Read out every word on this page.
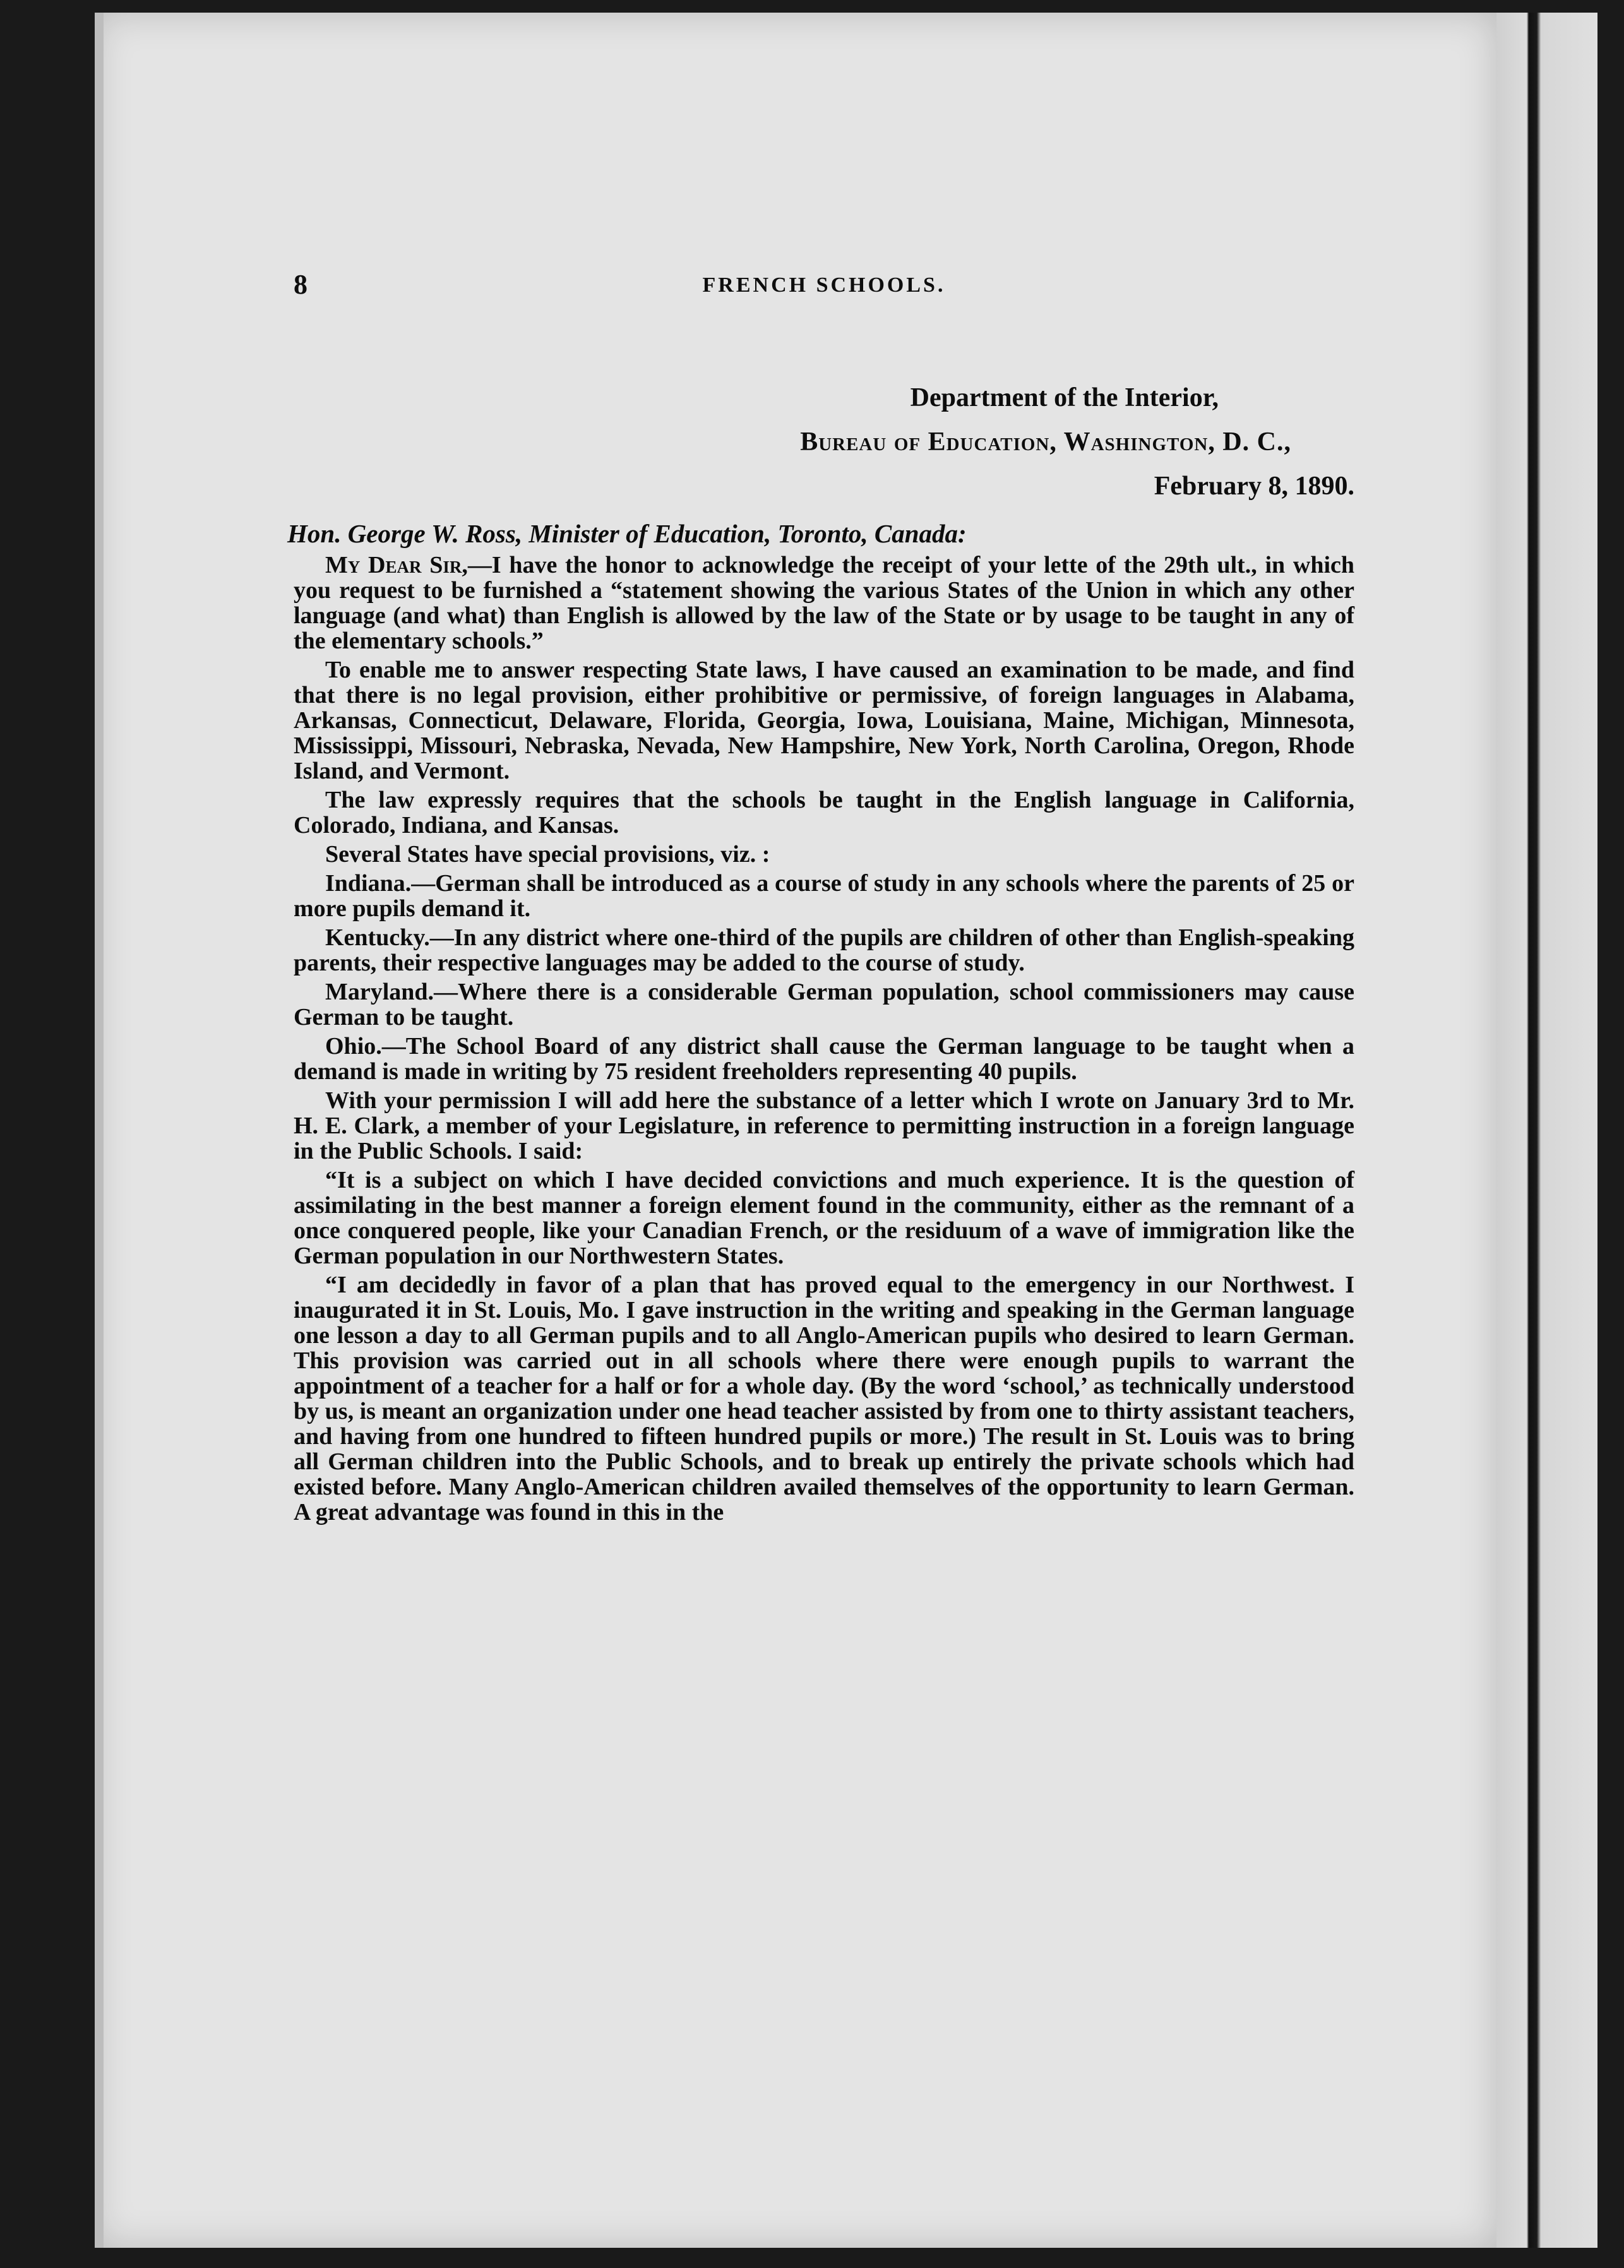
8	FRENCH SCHOOLS.
Department of the Interior,
Bureau of Education, Washington, D. C.,
February 8, 1890.
Hon. George W. Ross, Minister of Education, Toronto, Canada:

My Dear Sir,—I have the honor to acknowledge the receipt of your lette of the 29th ult., in which you request to be furnished a “statement showing the various States of the Union in which any other language (and what) than English is allowed by the law of the State or by usage to be taught in any of the elementary schools.”

To enable me to answer respecting State laws, I have caused an examination to be made, and find that there is no legal provision, either prohibitive or permissive, of foreign languages in Alabama, Arkansas, Connecticut, Delaware, Florida, Georgia, Iowa, Louisiana, Maine, Michigan, Minnesota, Mississippi, Missouri, Nebraska, Nevada, New Hampshire, New York, North Carolina, Oregon, Rhode Island, and Vermont.

The law expressly requires that the schools be taught in the English language in California, Colorado, Indiana, and Kansas.

Several States have special provisions, viz. :

Indiana.—German shall be introduced as a course of study in any schools where the parents of 25 or more pupils demand it.

Kentucky.—In any district where one-third of the pupils are children of other than English-speaking parents, their respective languages may be added to the course of study.

Maryland.—Where there is a considerable German population, school commissioners may cause German to be taught.

Ohio.—The School Board of any district shall cause the German language to be taught when a demand is made in writing by 75 resident freeholders representing 40 pupils.

With your permission I will add here the substance of a letter which I wrote on January 3rd to Mr. H. E. Clark, a member of your Legislature, in reference to permitting instruction in a foreign language in the Public Schools. I said:

“It is a subject on which I have decided convictions and much experience. It is the question of assimilating in the best manner a foreign element found in the community, either as the remnant of a once conquered people, like your Canadian French, or the residuum of a wave of immigration like the German population in our Northwestern States.

“I am decidedly in favor of a plan that has proved equal to the emergency in our Northwest. I inaugurated it in St. Louis, Mo. I gave instruction in the writing and speaking in the German language one lesson a day to all German pupils and to all Anglo-American pupils who desired to learn German. This provision was carried out in all schools where there were enough pupils to warrant the appointment of a teacher for a half or for a whole day. (By the word ‘school,’ as technically understood by us, is meant an organization under one head teacher assisted by from one to thirty assistant teachers, and having from one hundred to fifteen hundred pupils or more.) The result in St. Louis was to bring all German children into the Public Schools, and to break up entirely the private schools which had existed before. Many Anglo-American children availed themselves of the opportunity to learn German. A great advantage was found in this in the
